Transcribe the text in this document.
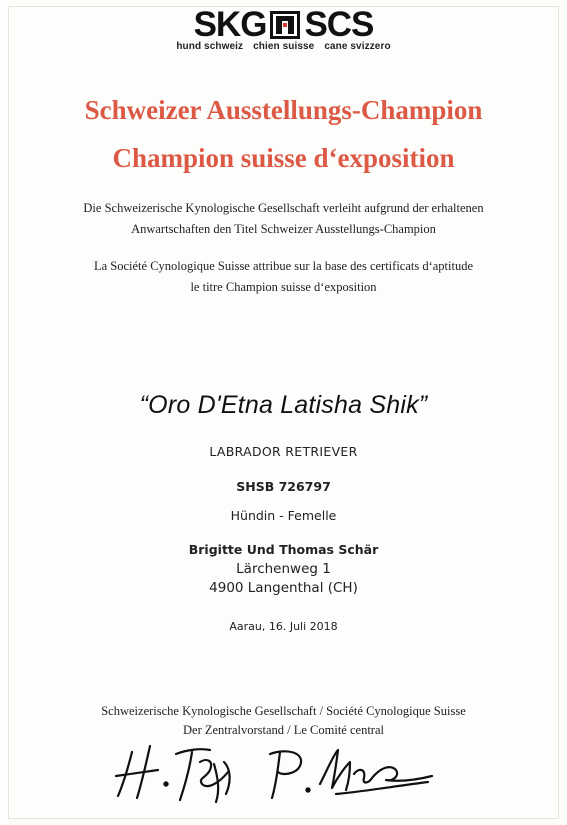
SKG SCS
hund schweiz chien suisse cane svizzero
Schweizer Ausstellungs-Champion
Champion suisse d‘exposition
Die Schweizerische Kynologische Gesellschaft verleiht aufgrund der erhaltenen
Anwartschaften den Titel Schweizer Ausstellungs-Champion
La Société Cynologique Suisse attribue sur la base des certificats d‘aptitude
le titre Champion suisse d‘exposition
“Oro D'Etna Latisha Shik”
LABRADOR RETRIEVER
SHSB 726797
Hündin - Femelle
Brigitte Und Thomas Schär
Lärchenweg 1
4900 Langenthal (CH)
Aarau, 16. Juli 2018
Schweizerische Kynologische Gesellschaft / Société Cynologique Suisse
Der Zentralvorstand / Le Comité central
